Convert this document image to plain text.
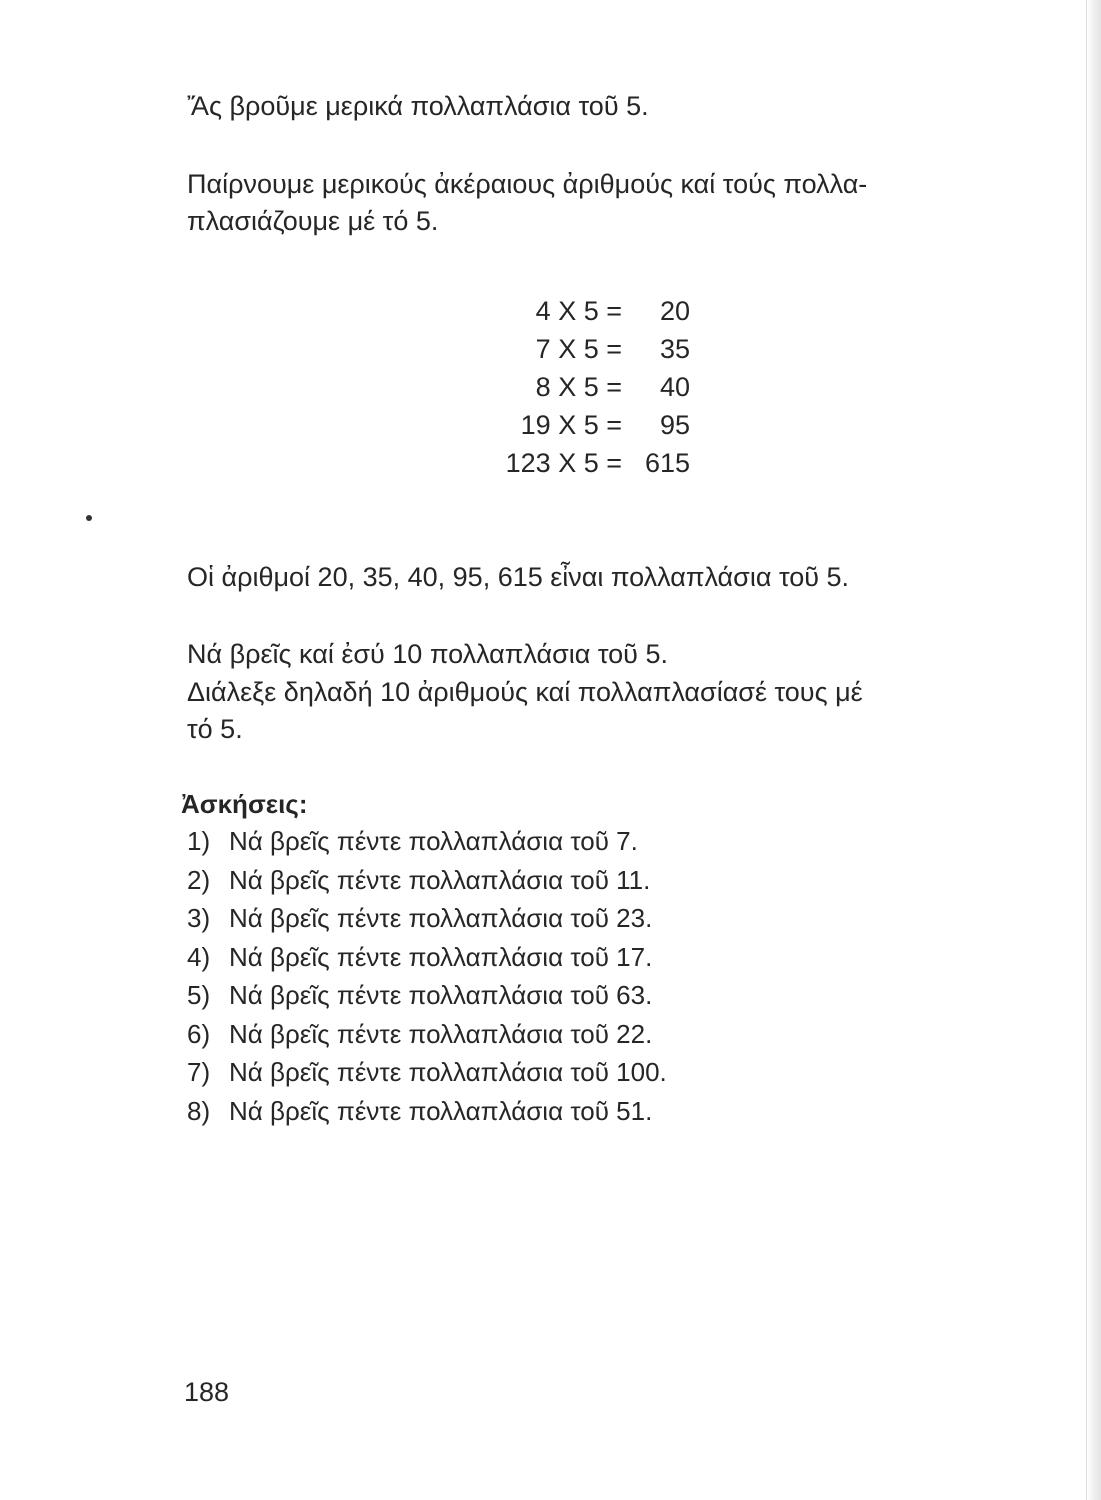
Ἄς βροῦμε μερικά πολλαπλάσια τοῦ 5.

Παίρνουμε μερικούς ἀκέραιους ἀριθμούς καί τούς πολλα-

πλασιάζουμε μέ τό 5.

4 X 5 =	20
7 X 5 =	35
8 X 5 =	40
19 X 5 =	95
123 X 5 = 615

Οἱ ἀριθμοί 20, 35, 40, 95, 615 εἶναι πολλαπλάσια τοῦ 5.

Νά βρεῖς καί ἐσύ 10 πολλαπλάσια τοῦ 5.

Διάλεξε δηλαδή 10 ἀριθμούς καί πολλαπλασίασέ τους μέ

τό 5.

Ἀσκήσεις:

1) Νά βρεῖς πέντε πολλαπλάσια τοῦ 7.
2) Νά βρεῖς πέντε πολλαπλάσια τοῦ 11.
3) Νά βρεῖς πέντε πολλαπλάσια τοῦ 23.
4) Νά βρεῖς πέντε πολλαπλάσια τοῦ 17.
5) Νά βρεῖς πέντε πολλαπλάσια τοῦ 63.
6) Νά βρεῖς πέντε πολλαπλάσια τοῦ 22.
7) Νά βρεῖς πέντε πολλαπλάσια τοῦ 100.
8) Νά βρεῖς πέντε πολλαπλάσια τοῦ 51.
188
